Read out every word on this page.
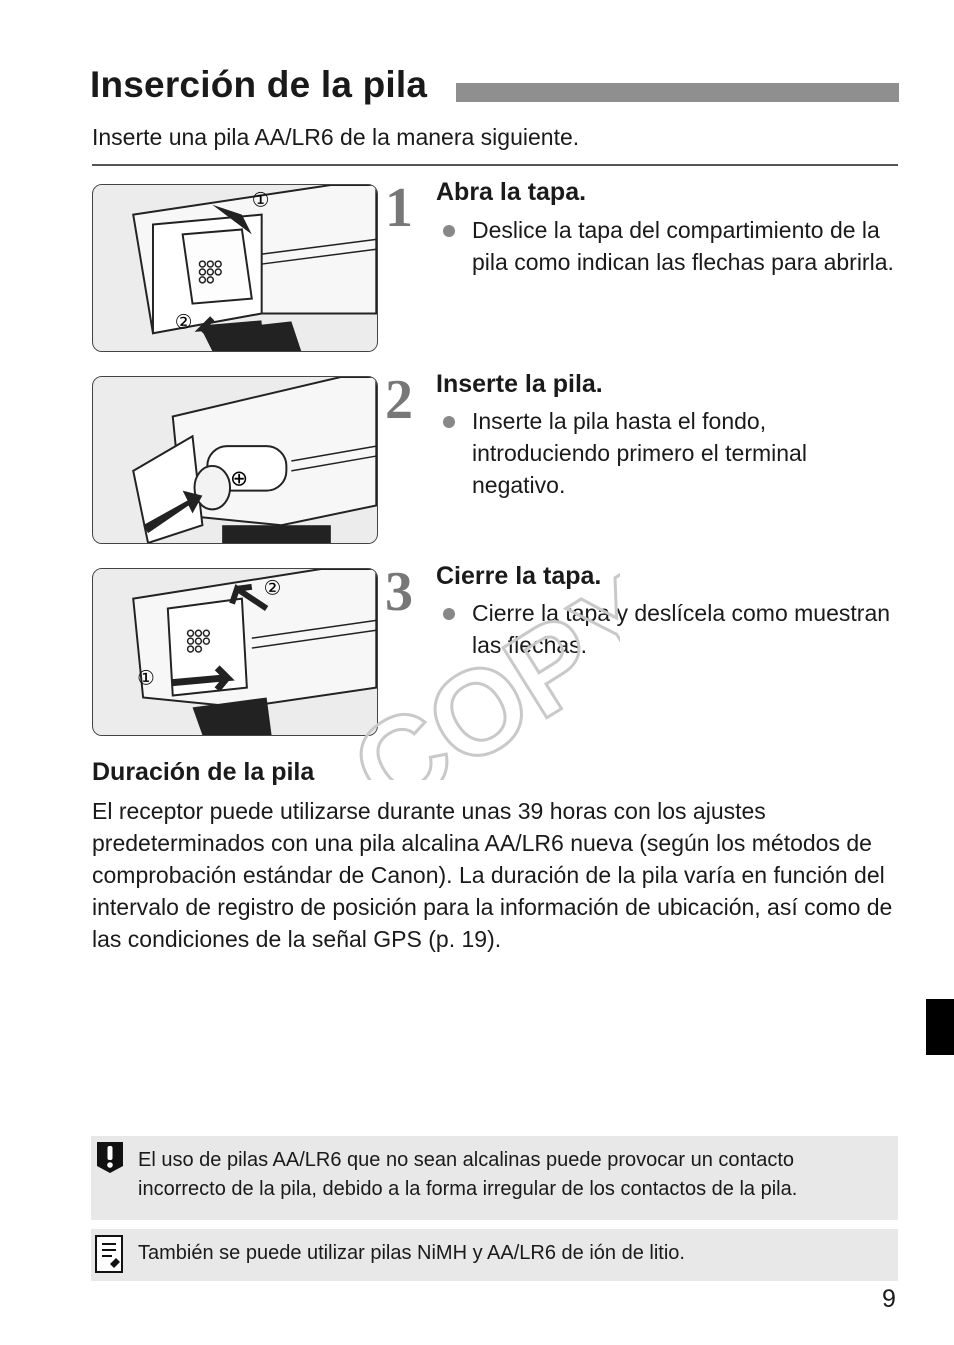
Inserción de la pila
Inserte una pila AA/LR6 de la manera siguiente.
①
②
1 Abra la tapa.
Deslice la tapa del compartimiento de la pila como indican las flechas para abrirla.
⊕
2 Inserte la pila.
Inserte la pila hasta el fondo, introduciendo primero el terminal negativo.
②
①
3 Cierre la tapa.
Cierre la tapa y deslícela como muestran las flechas.
COPY
Duración de la pila
El receptor puede utilizarse durante unas 39 horas con los ajustes predeterminados con una pila alcalina AA/LR6 nueva (según los métodos de comprobación estándar de Canon). La duración de la pila varía en función del intervalo de registro de posición para la información de ubicación, así como de las condiciones de la señal GPS (p. 19).
El uso de pilas AA/LR6 que no sean alcalinas puede provocar un contacto
incorrecto de la pila, debido a la forma irregular de los contactos de la pila.
También se puede utilizar pilas NiMH y AA/LR6 de ión de litio.
9
